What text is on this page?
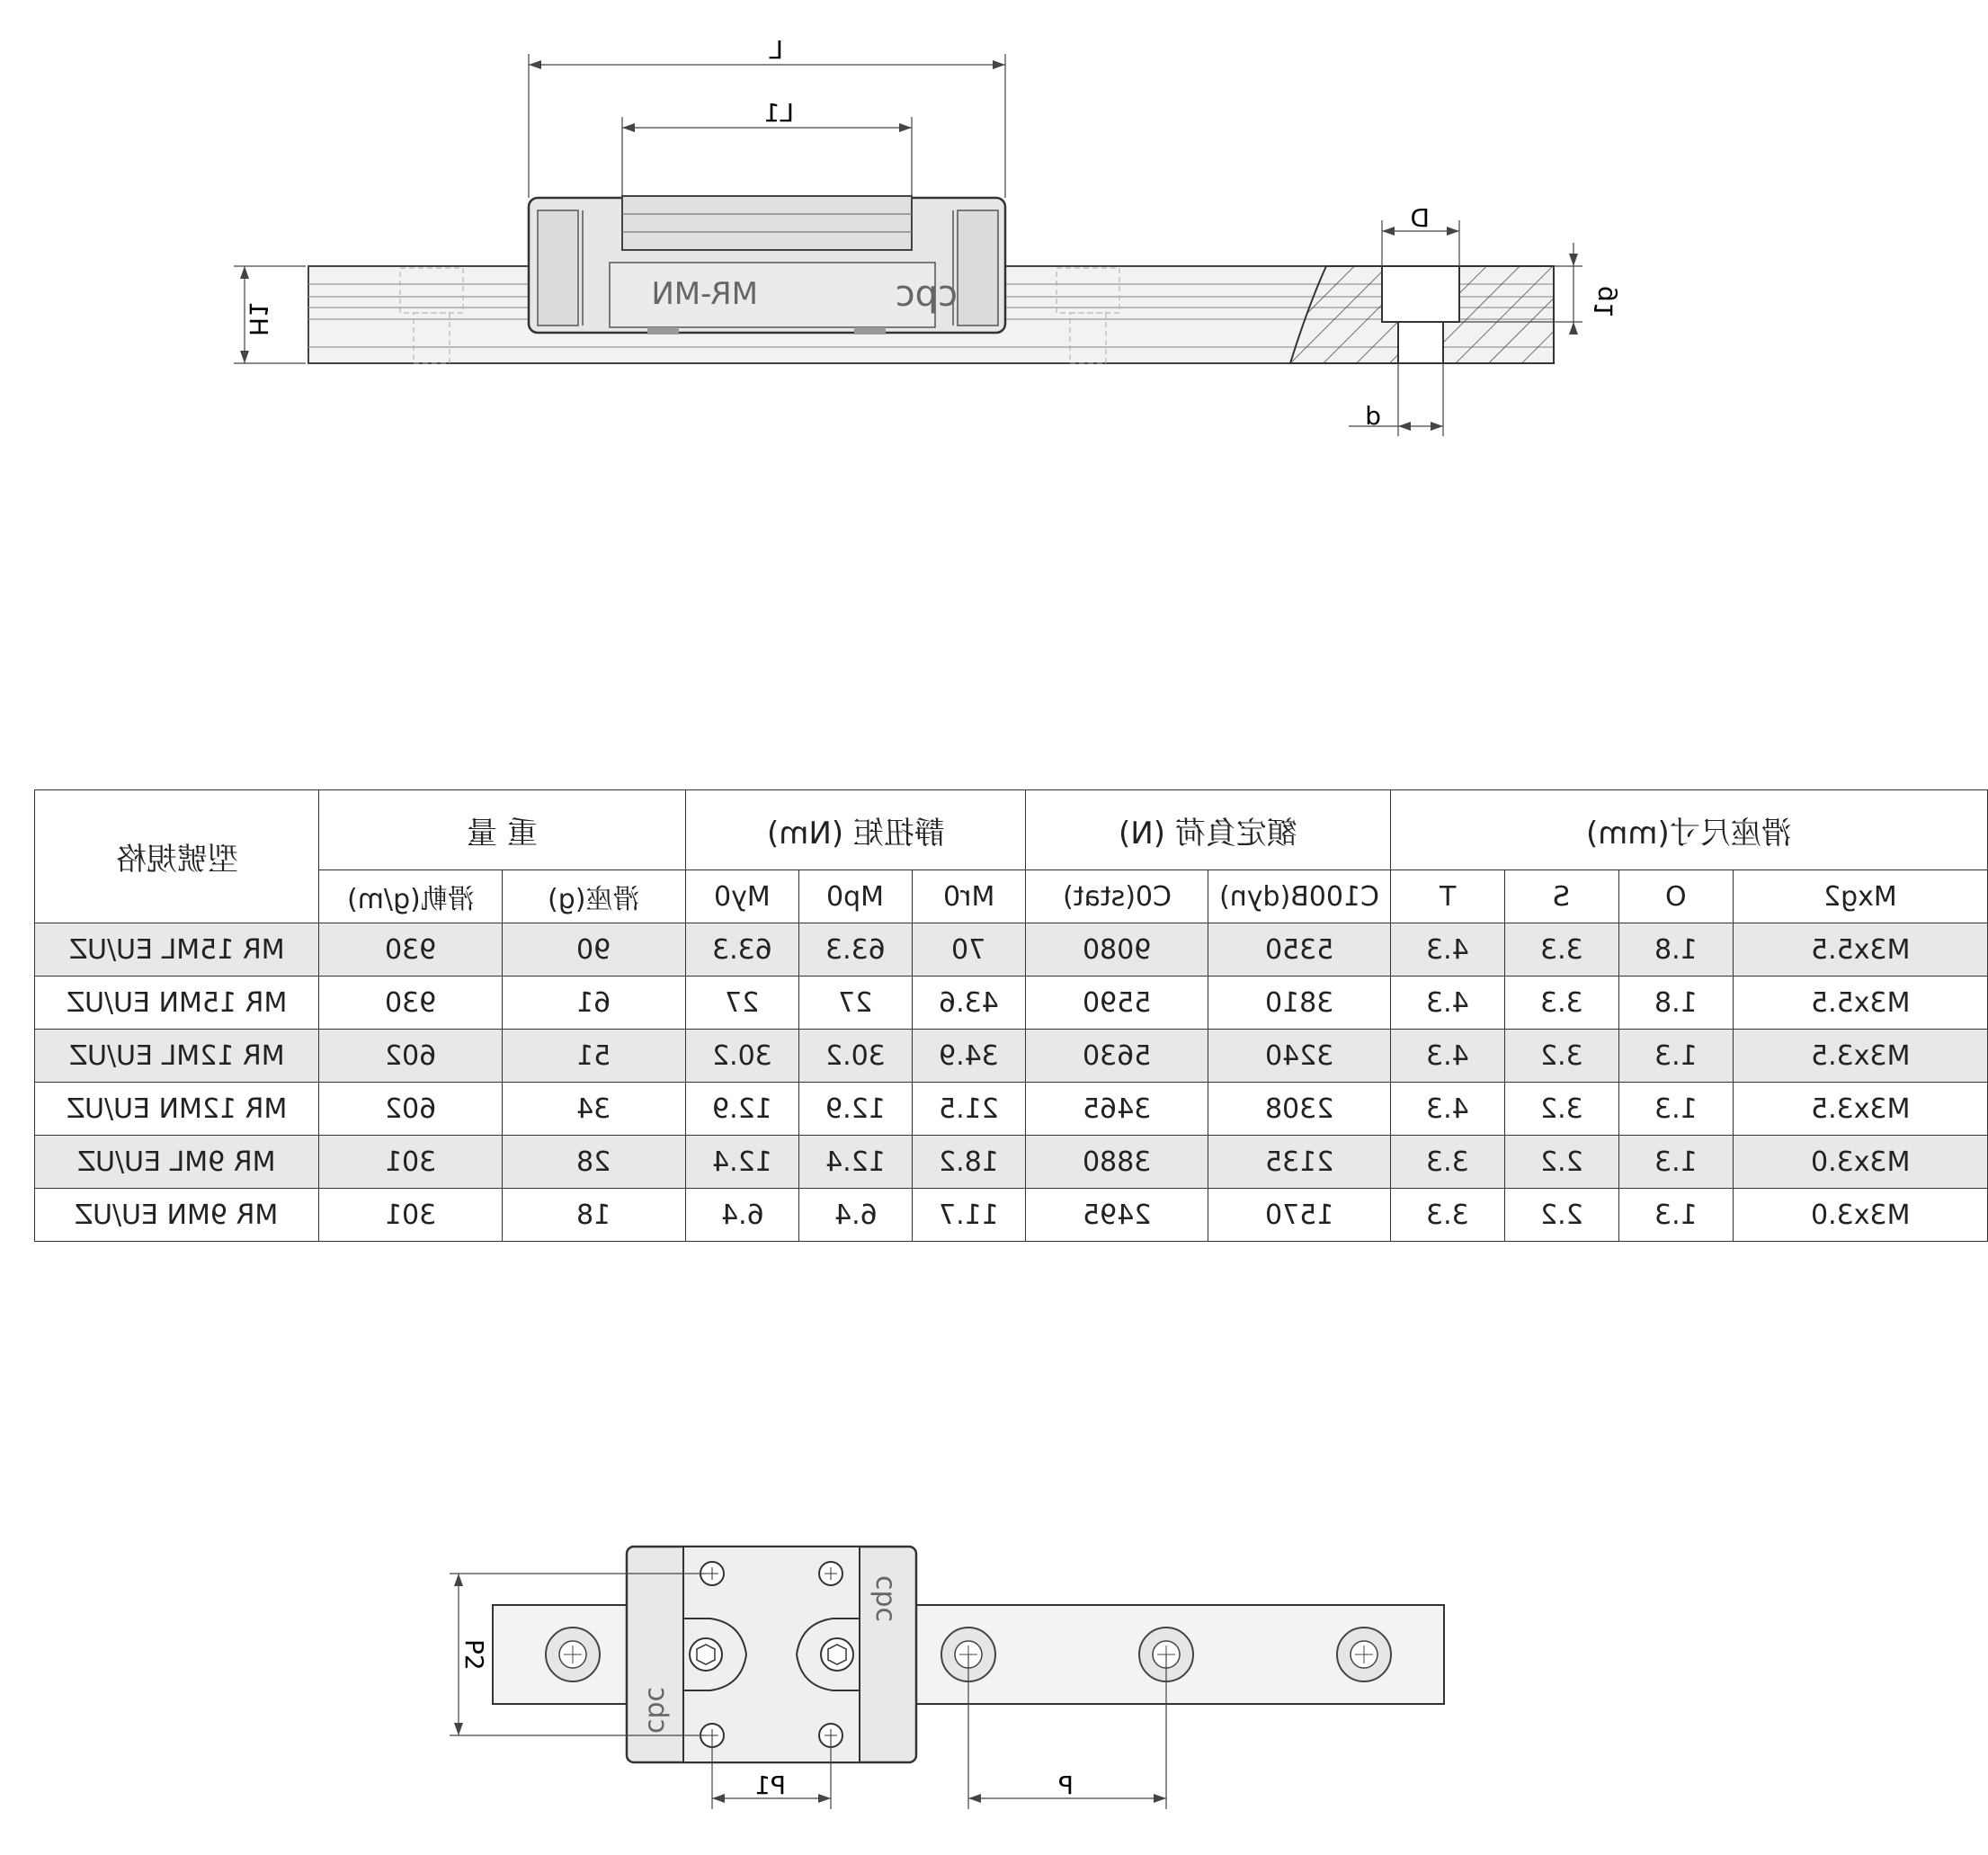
cpc
MR-MN
L
L1
H1
D
d
g1
型號規格	重 量		靜扭矩 (Nm)			額定負荷 (N)		滑座尺寸(mm)			
	滑軌(g/m)	滑座(g)	My0	Mp0	Mr0	C0(stat)	C100B(dyn)	T	S	O	Mxg2
MR 15ML EU/UZ	930	90	63.3	63.3	70	9080	5350	4.3	3.3	1.8	M3x5.5
MR 15MN EU/UZ	930	61	27	27	43.6	5590	3810	4.3	3.3	1.8	M3x5.5
MR 12ML EU/UZ	602	51	30.2	30.2	34.9	5630	3240	4.3	3.2	1.3	M3x3.5
MR 12MN EU/UZ	602	34	12.9	12.9	21.5	3465	2308	4.3	3.2	1.3	M3x3.5
MR 9ML EU/UZ	301	28	12.4	12.4	18.2	3880	2135	3.3	2.2	1.3	M3x3.0
MR 9MN EU/UZ	301	18	6.4	6.4	11.7	2495	1570	3.3	2.2	1.3	M3x3.0
cpc
cpc
P2
P1	P
